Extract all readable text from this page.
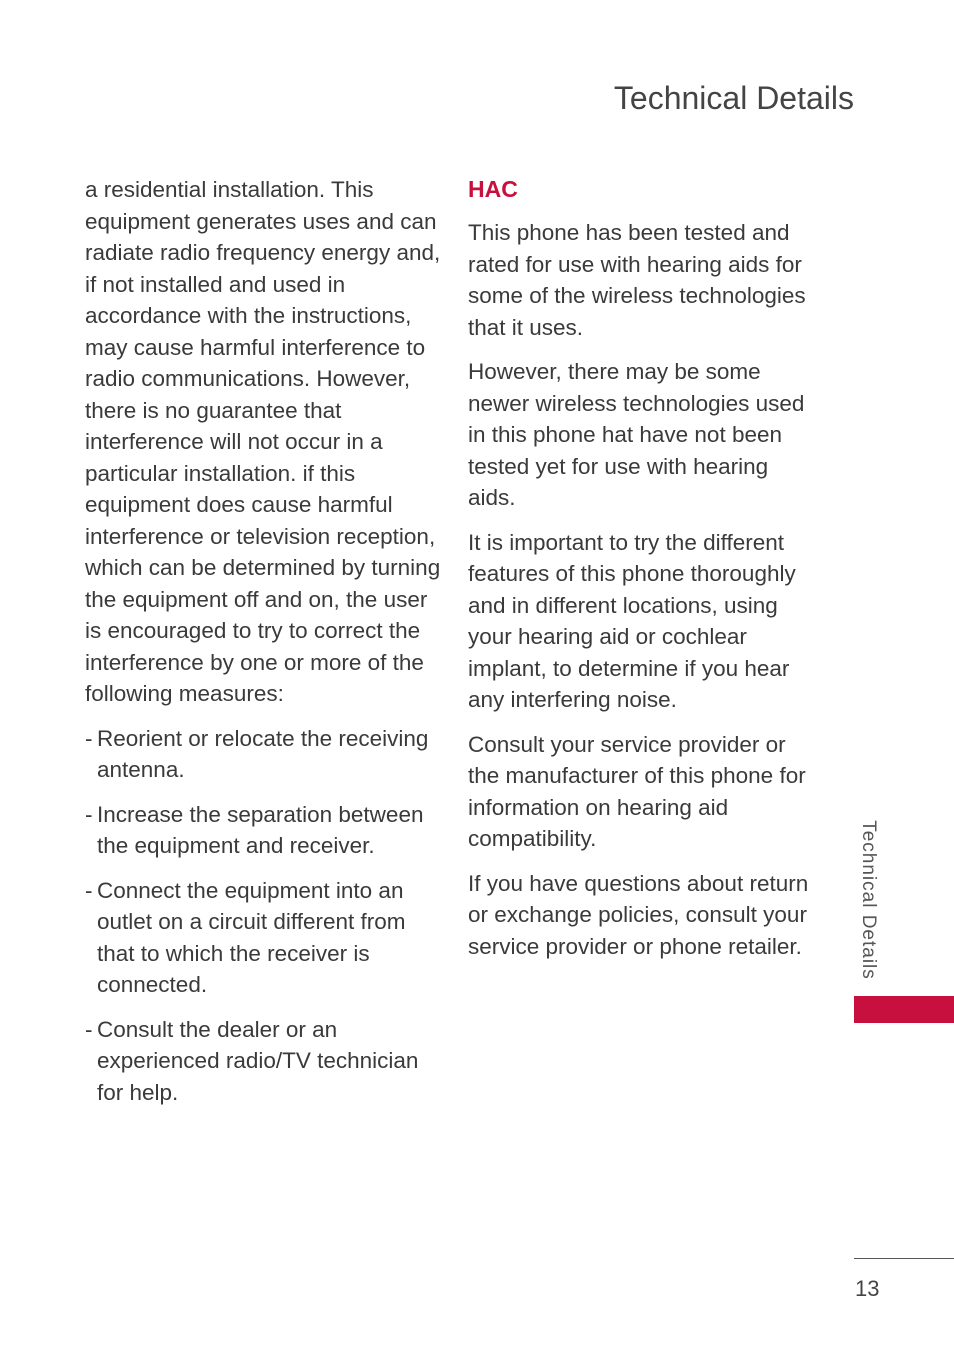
Technical Details

a residential installation. This equipment generates uses and can radiate radio frequency energy and, if not installed and used in accordance with the instructions, may cause harmful interference to radio communications. However, there is no guarantee that interference will not occur in a particular installation. if this equipment does cause harmful interference or television reception, which can be determined by turning the equipment off and on, the user is encouraged to try to correct the interference by one or more of the following measures:

- Reorient or relocate the receiving antenna.
- Increase the separation between the equipment and receiver.
- Connect the equipment into an outlet on a circuit different from that to which the receiver is connected.
- Consult the dealer or an experienced radio/TV technician for help.
HAC

This phone has been tested and rated for use with hearing aids for some of the wireless technologies that it uses.

However, there may be some newer wireless technologies used in this phone hat have not been tested yet for use with hearing aids.

It is important to try the different features of this phone thoroughly and in different locations, using your hearing aid or cochlear implant, to determine if you hear any interfering noise.

Consult your service provider or the manufacturer of this phone for information on hearing aid compatibility.

If you have questions about return or exchange policies, consult your service provider or phone retailer.	Technical Details
13
